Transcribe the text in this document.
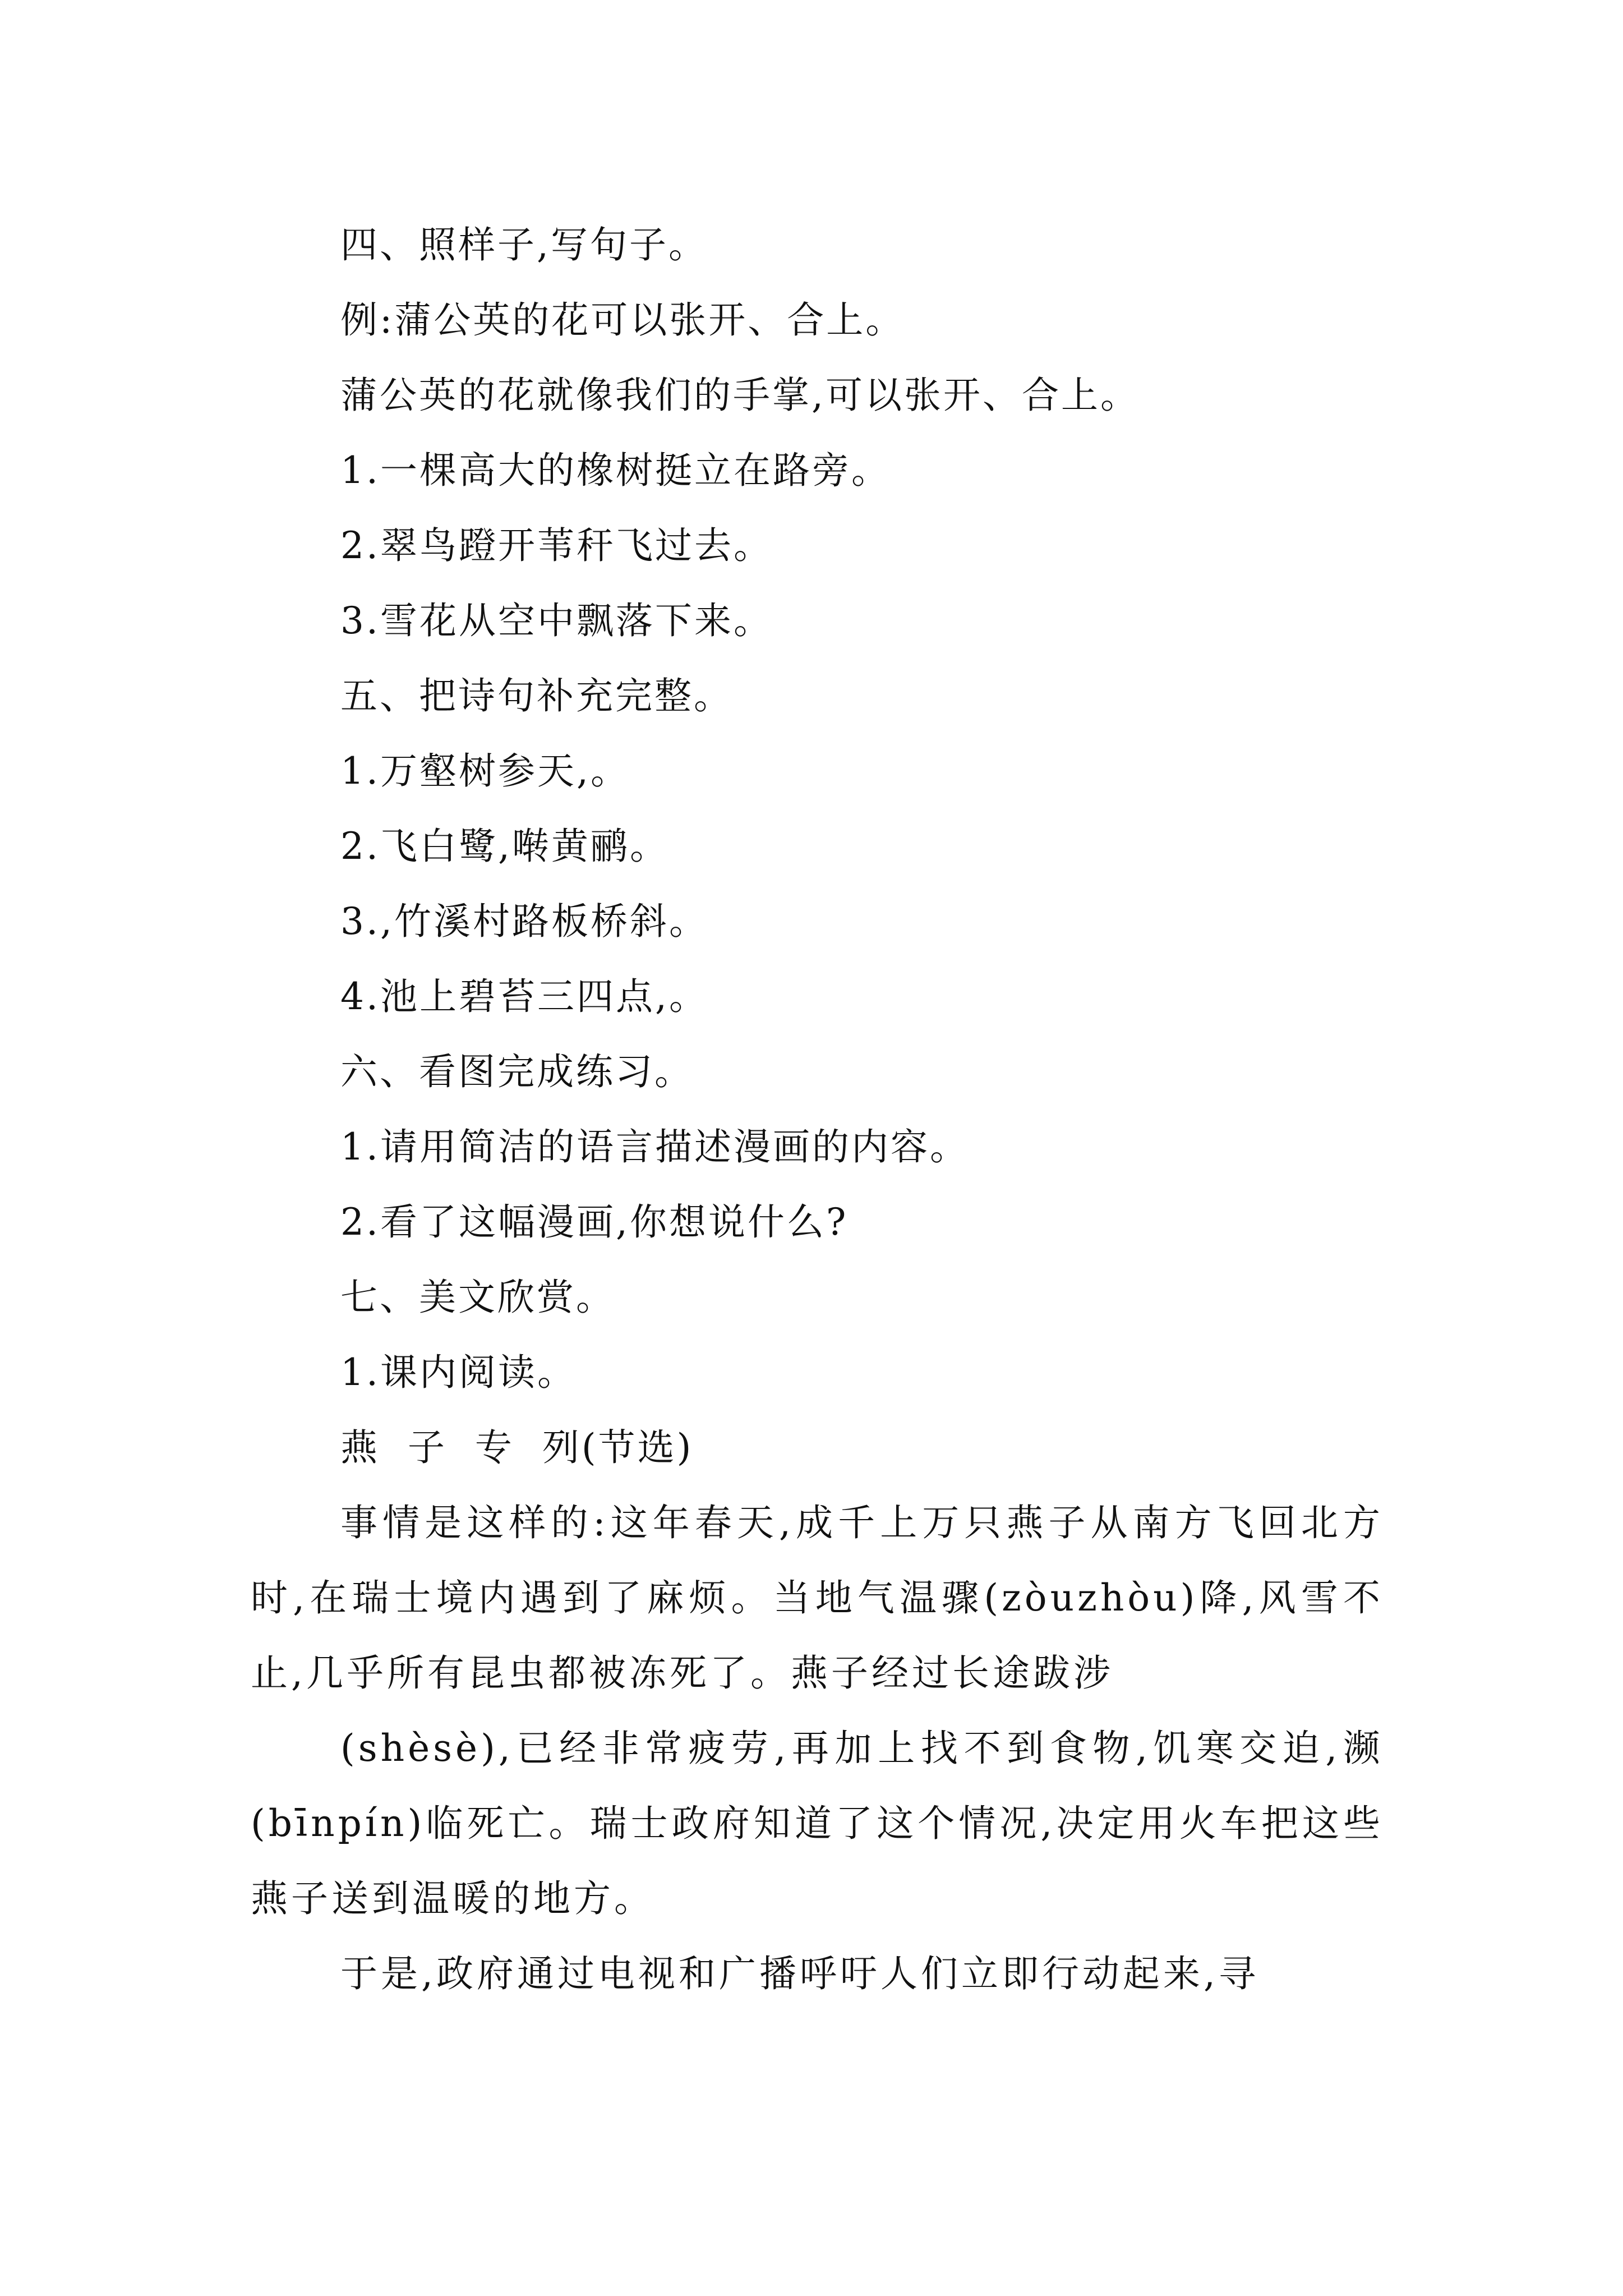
四、照样子,写句子。
例:蒲公英的花可以张开、合上。
蒲公英的花就像我们的手掌,可以张开、合上。
1.一棵高大的橡树挺立在路旁。
2.翠鸟蹬开苇秆飞过去。
3.雪花从空中飘落下来。
五、把诗句补充完整。
1.万壑树参天,。
2.飞白鹭,啭黄鹂。
3.,竹溪村路板桥斜。
4.池上碧苔三四点,。
六、看图完成练习。
1.请用简洁的语言描述漫画的内容。
2.看了这幅漫画,你想说什么?
七、美文欣赏。
1.课内阅读。
燕  子  专  列(节选)

事情是这样的:这年春天,成千上万只燕子从南方飞回北方时,在瑞士境内遇到了麻烦。当地气温骤(zòuzhòu)降,风雪不止,几乎所有昆虫都被冻死了。燕子经过长途跋涉

(shèsè),已经非常疲劳,再加上找不到食物,饥寒交迫,濒(bīnpín)临死亡。瑞士政府知道了这个情况,决定用火车把这些燕子送到温暖的地方。

于是,政府通过电视和广播呼吁人们立即行动起来,寻
